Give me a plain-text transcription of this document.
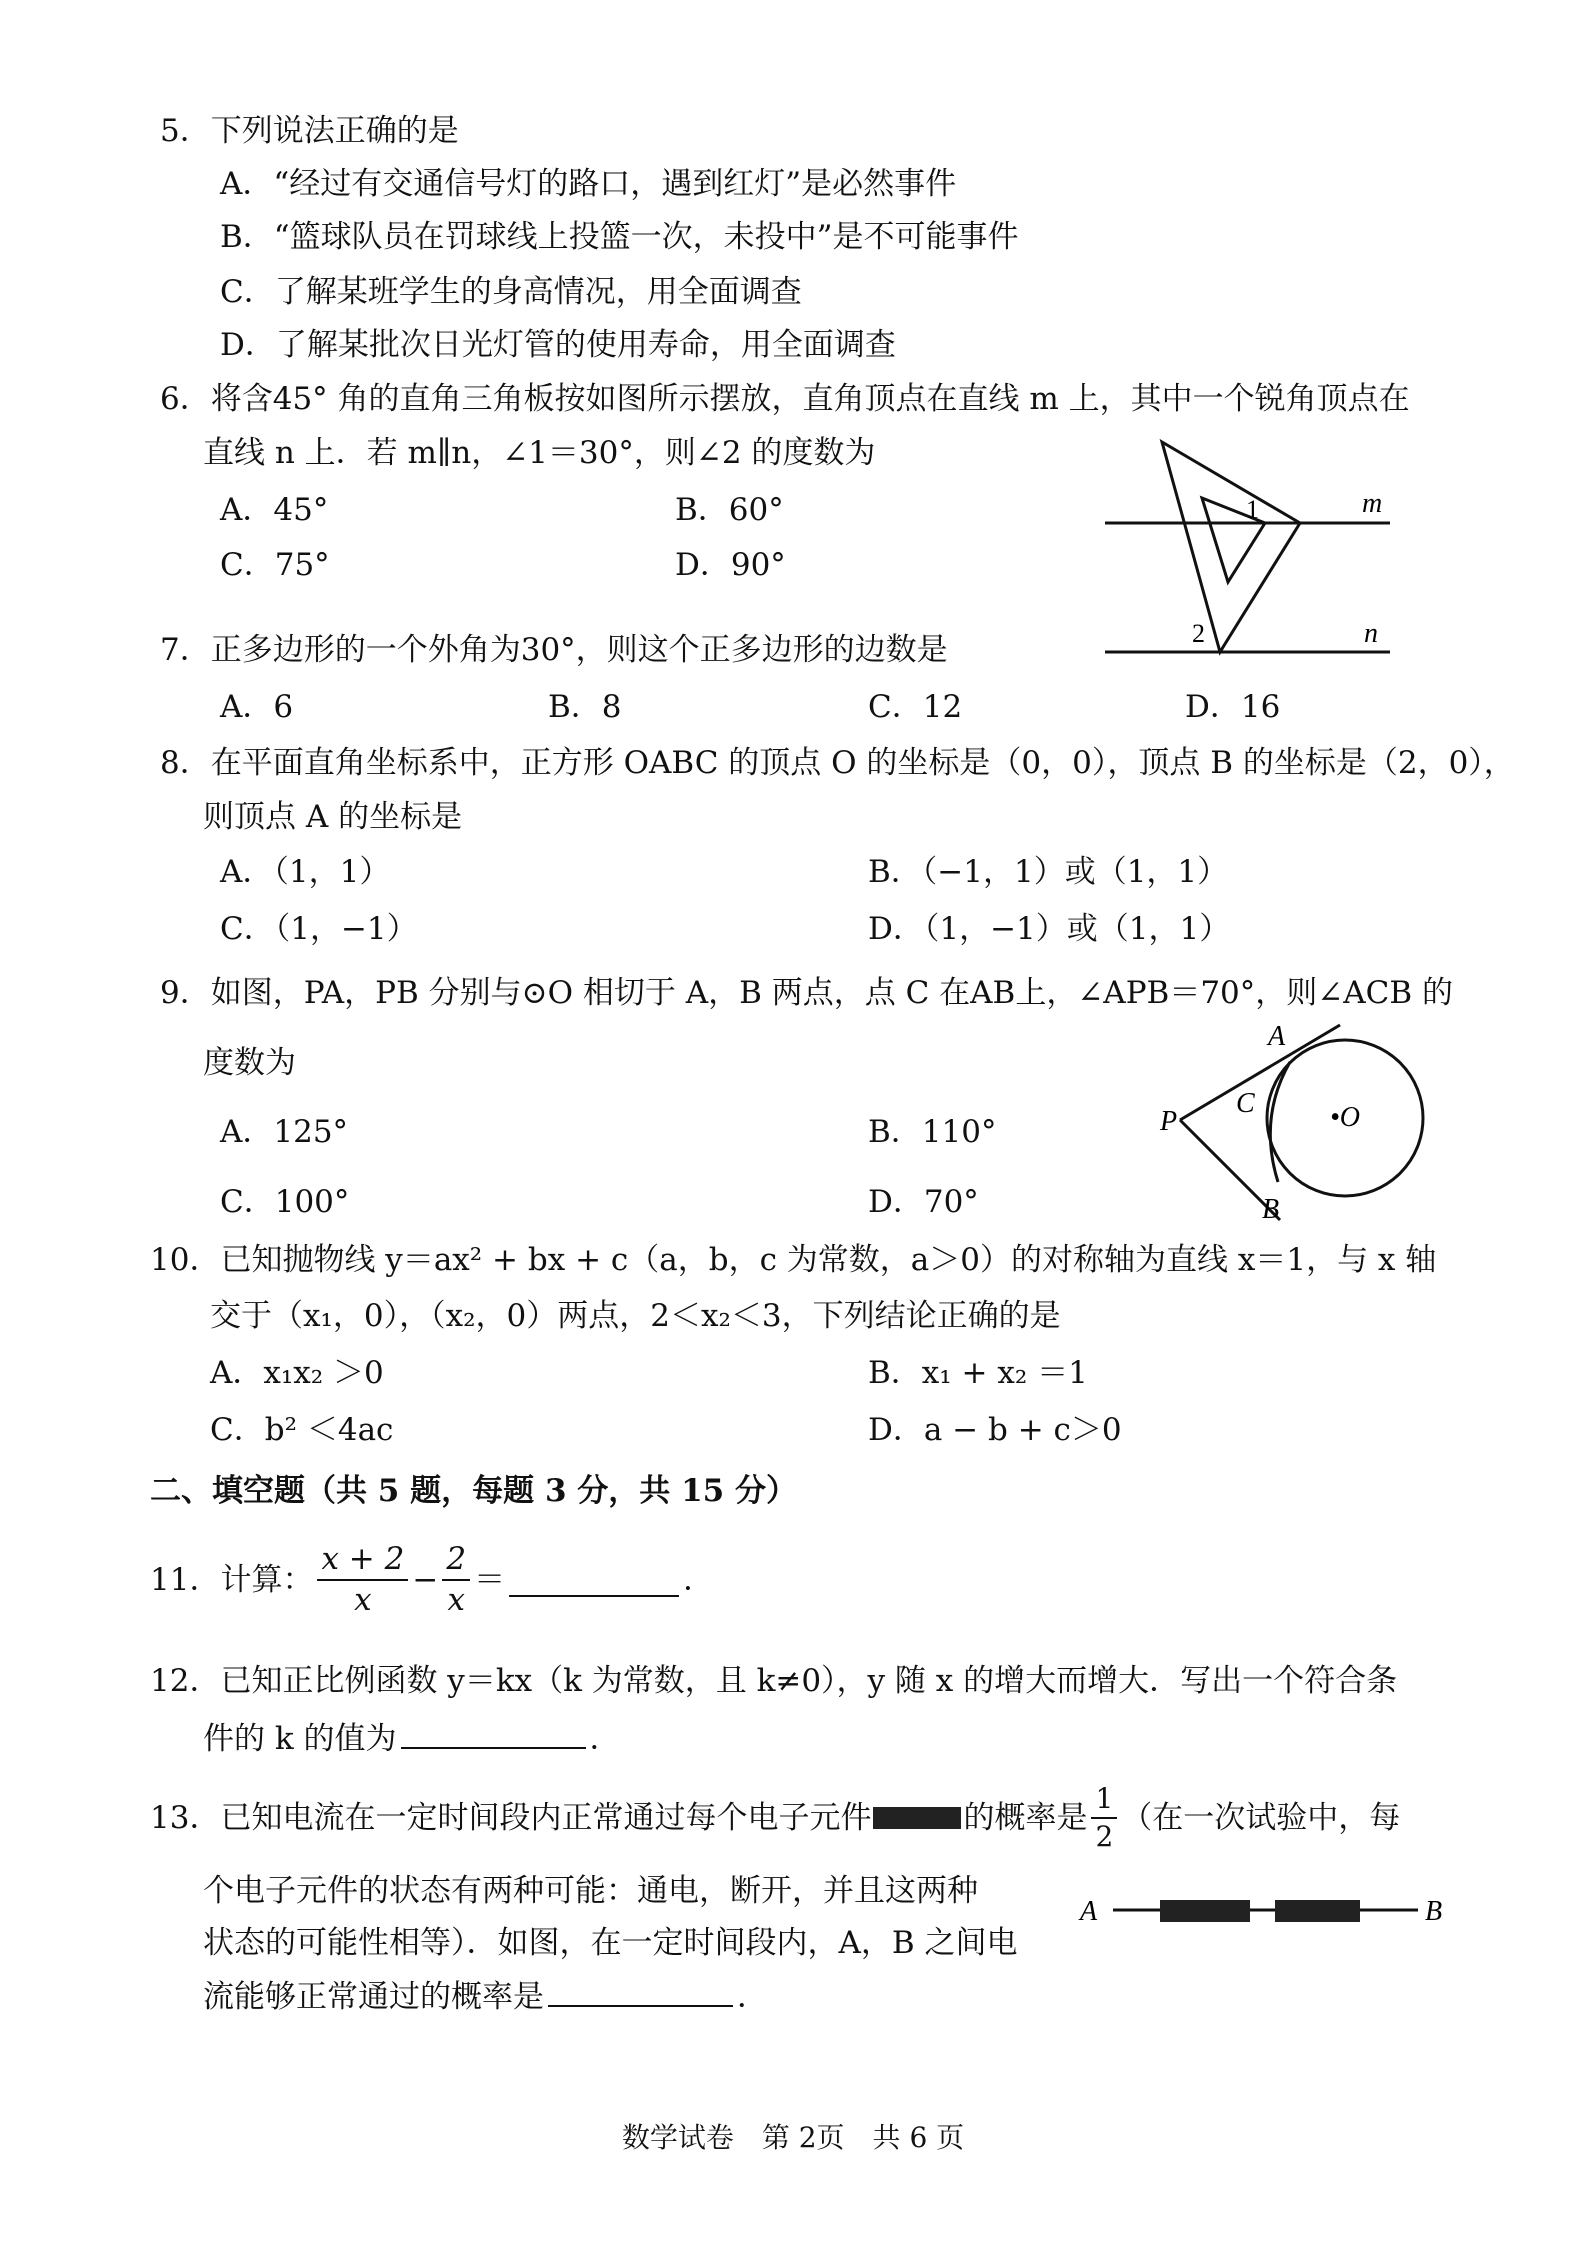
5．下列说法正确的是
A．“经过有交通信号灯的路口，遇到红灯”是必然事件
B．“篮球队员在罚球线上投篮一次，未投中”是不可能事件
C．了解某班学生的身高情况，用全面调查
D．了解某批次日光灯管的使用寿命，用全面调查
6．将含45° 角的直角三角板按如图所示摆放，直角顶点在直线 m 上，其中一个锐角顶点在
直线 n 上．若 m∥n，∠1＝30°，则∠2 的度数为
A．45°	B．60°
C．75°	D．90°
1
2
m
n
7．正多边形的一个外角为30°，则这个正多边形的边数是
A．6	B．8	C．12	D．16
8．在平面直角坐标系中，正方形 OABC 的顶点 O 的坐标是（0，0），顶点 B 的坐标是（2，0），
则顶点 A 的坐标是
A．（1，1）	B．（−1，1）或（1，1）
C．（1，−1）	D．（1，−1）或（1，1）
9．如图，PA，PB 分别与⊙O 相切于 A，B 两点，点 C 在AB上，∠APB＝70°，则∠ACB 的
度数为
A．125°	B．110°
C．100°	D．70°
A
B
C
P	•O
10．已知抛物线 y＝ax² + bx + c（a，b，c 为常数，a＞0）的对称轴为直线 x＝1，与 x 轴
交于（x₁，0），（x₂，0）两点，2＜x₂＜3，下列结论正确的是
A．x₁x₂ ＞0	B．x₁ + x₂ ＝1
C．b² ＜4ac	D．a − b + c＞0
二、填空题（共 5 题，每题 3 分，共 15 分）
11．计算： $\frac{x + 2}{x} - \frac{2}{x}$ ＝	．
12．已知正比例函数 y＝kx（k 为常数，且 k≠0），y 随 x 的增大而增大．写出一个符合条
件的 k 的值为	．
13．已知电流在一定时间段内正常通过每个电子元件	的概率是 $\frac{1}{2}$ （在一次试验中，每
个电子元件的状态有两种可能：通电，断开，并且这两种
状态的可能性相等）．如图，在一定时间段内，A，B 之间电
流能够正常通过的概率是	．
A	B
数学试卷　第 2页　共 6 页
